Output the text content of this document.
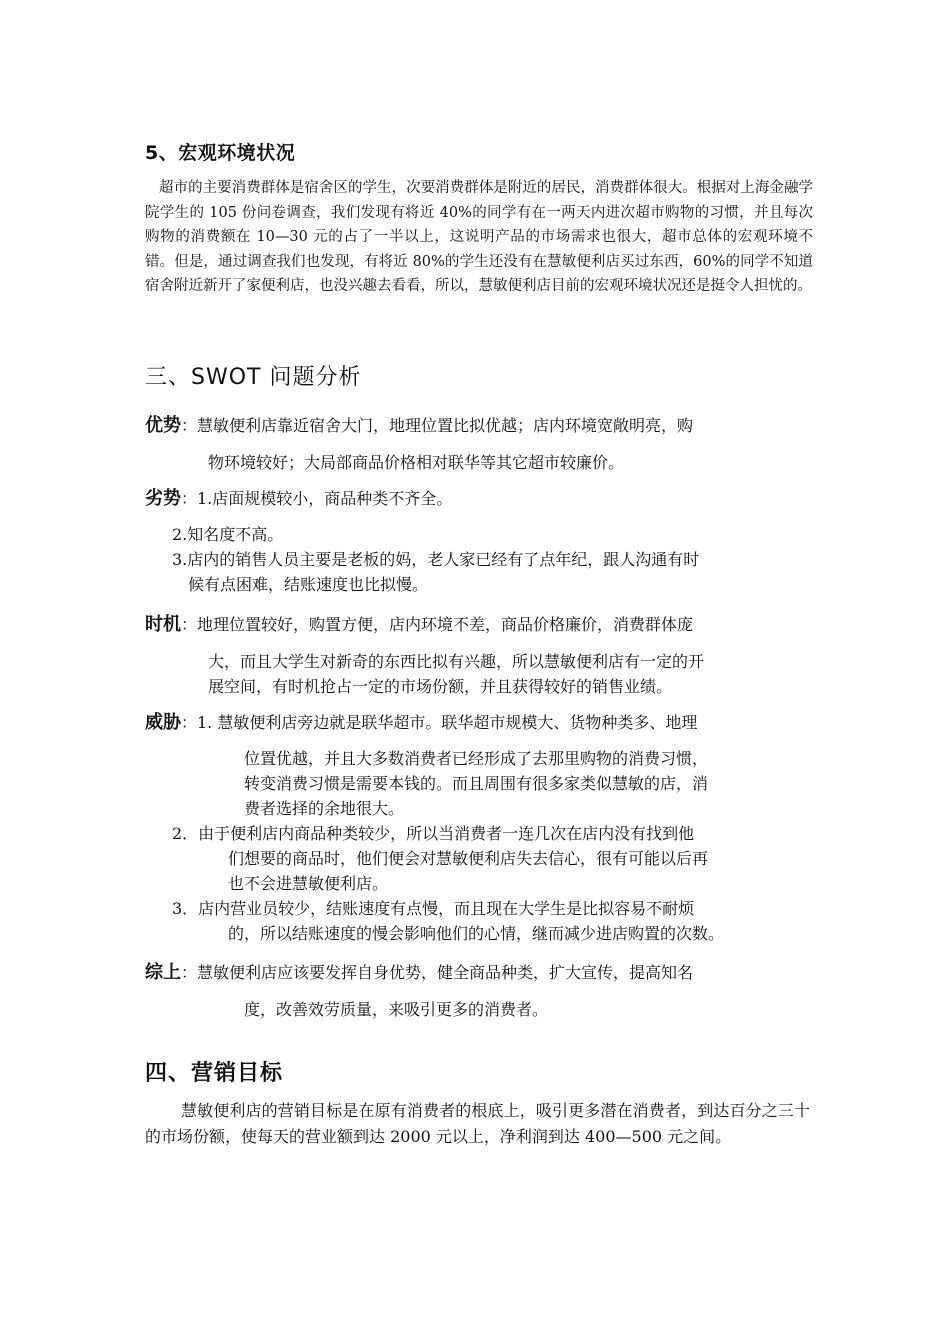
5、宏观环境状况
超市的主要消费群体是宿舍区的学生，次要消费群体是附近的居民，消费群体很大。根据对上海金融学院学生的 105 份问卷调查，我们发现有将近 40%的同学有在一两天内进次超市购物的习惯，并且每次购物的消费额在 10—30 元的占了一半以上，这说明产品的市场需求也很大，超市总体的宏观环境不错。但是，通过调查我们也发现，有将近 80%的学生还没有在慧敏便利店买过东西，60%的同学不知道宿舍附近新开了家便利店，也没兴趣去看看，所以，慧敏便利店目前的宏观环境状况还是挺令人担忧的。
三、SWOT 问题分析
优势：慧敏便利店靠近宿舍大门，地理位置比拟优越；店内环境宽敞明亮，购
物环境较好；大局部商品价格相对联华等其它超市较廉价。
劣势：1.店面规模较小，商品种类不齐全。
2.知名度不高。
3.店内的销售人员主要是老板的妈，老人家已经有了点年纪，跟人沟通有时
候有点困难，结账速度也比拟慢。
时机：地理位置较好，购置方便，店内环境不差，商品价格廉价，消费群体庞
大，而且大学生对新奇的东西比拟有兴趣，所以慧敏便利店有一定的开
展空间，有时机抢占一定的市场份额，并且获得较好的销售业绩。
威胁：1. 慧敏便利店旁边就是联华超市。联华超市规模大、货物种类多、地理
位置优越，并且大多数消费者已经形成了去那里购物的消费习惯，
转变消费习惯是需要本钱的。而且周围有很多家类似慧敏的店，消
费者选择的余地很大。
2．由于便利店内商品种类较少，所以当消费者一连几次在店内没有找到他
们想要的商品时，他们便会对慧敏便利店失去信心，很有可能以后再
也不会进慧敏便利店。
3．店内营业员较少，结账速度有点慢，而且现在大学生是比拟容易不耐烦
的，所以结账速度的慢会影响他们的心情，继而减少进店购置的次数。
综上：慧敏便利店应该要发挥自身优势，健全商品种类，扩大宣传，提高知名
度，改善效劳质量，来吸引更多的消费者。
四、营销目标
慧敏便利店的营销目标是在原有消费者的根底上，吸引更多潜在消费者，到达百分之三十的市场份额，使每天的营业额到达 2000 元以上，净利润到达 400—500 元之间。
